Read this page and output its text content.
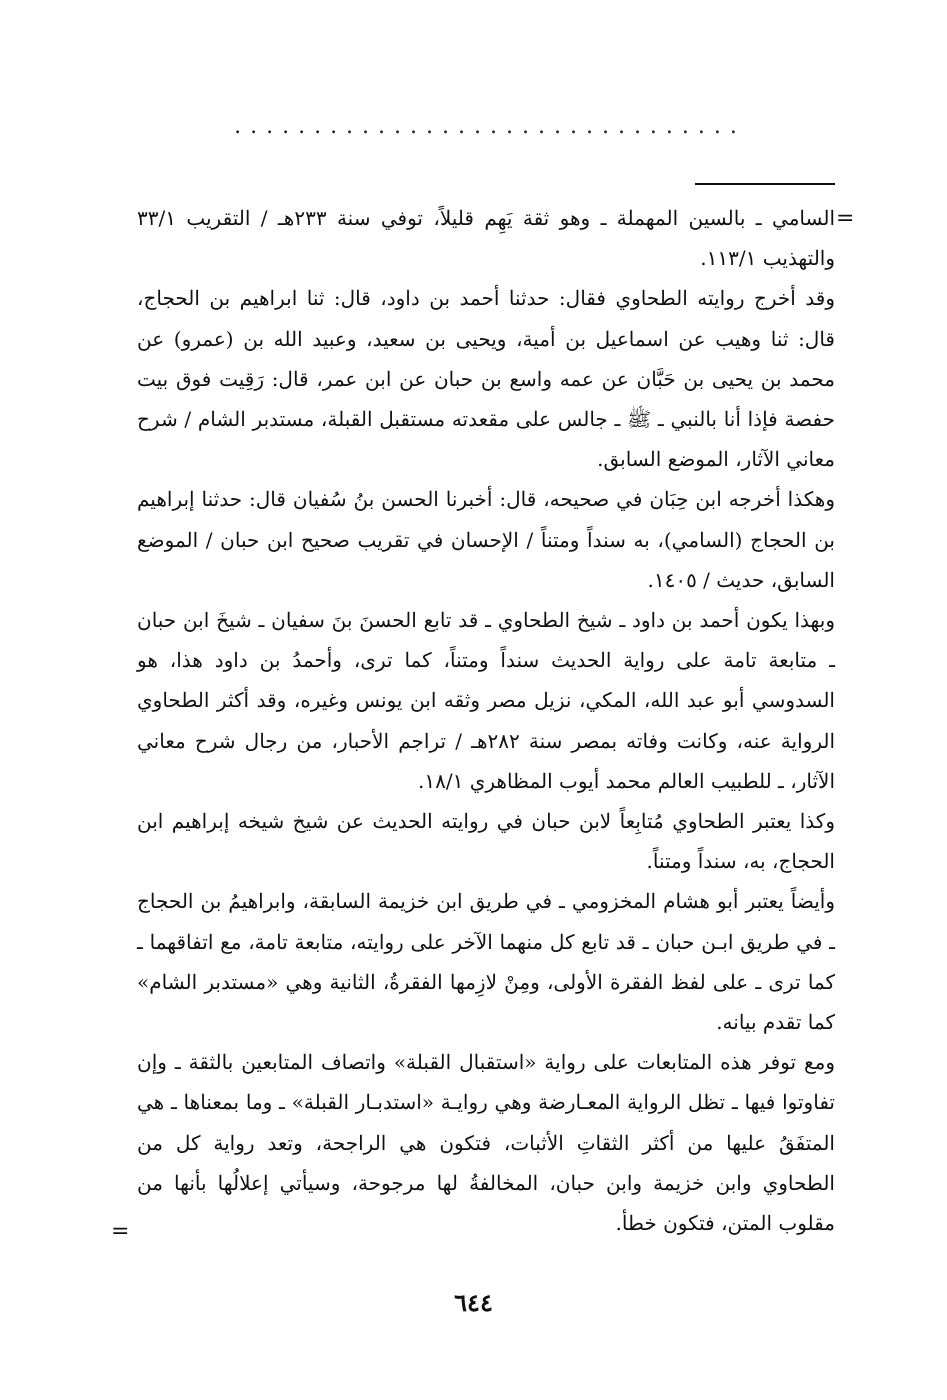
................................
=

السامي ـ بالسين المهملة ـ وهو ثقة يَهِم قليلاً، توفي سنة ٢٣٣هـ / التقريب ٣٣/١ والتهذيب ١١٣/١.

وقد أخرج روايته الطحاوي فقال: حدثنا أحمد بن داود، قال: ثنا ابراهيم بن الحجاج، قال: ثنا وهيب عن اسماعيل بن أمية، ويحيى بن سعيد، وعبيد الله بن (عمرو) عن محمد بن يحيى بن حَبَّان عن عمه واسع بن حبان عن ابن عمر، قال: رَقِيت فوق بيت حفصة فإذا أنا بالنبي ـ ﷺ ـ جالس على مقعدته مستقبل القبلة، مستدبر الشام / شرح معاني الآثار، الموضع السابق.

وهكذا أخرجه ابن حِبَان في صحيحه، قال: أخبرنا الحسن بنُ سُفيان قال: حدثنا إبراهيم بن الحجاج (السامي)، به سنداً ومتناً / الإحسان في تقريب صحيح ابن حبان / الموضع السابق، حديث / ١٤٠٥.

وبهذا يكون أحمد بن داود ـ شيخ الطحاوي ـ قد تابع الحسنَ بنَ سفيان ـ شيخَ ابن حبان ـ متابعة تامة على رواية الحديث سنداً ومتناً، كما ترى، وأحمدُ بن داود هذا، هو السدوسي أبو عبد الله، المكي، نزيل مصر وثقه ابن يونس وغيره، وقد أكثر الطحاوي الرواية عنه، وكانت وفاته بمصر سنة ٢٨٢هـ / تراجم الأحبار، من رجال شرح معاني الآثار، ـ للطبيب العالم محمد أيوب المظاهري ١٨/١.

وكذا يعتبر الطحاوي مُتابِعاً لابن حبان في روايته الحديث عن شيخ شيخه إبراهيم ابن الحجاج، به، سنداً ومتناً.

وأيضاً يعتبر أبو هشام المخزومي ـ في طريق ابن خزيمة السابقة، وابراهيمُ بن الحجاج ـ في طريق ابـن حبان ـ قد تابع كل منهما الآخر على روايته، متابعة تامة، مع اتفاقهما ـ كما ترى ـ على لفظ الفقرة الأولى، ومِنْ لازِمها الفقرةُ، الثانية وهي «مستدبر الشام» كما تقدم بيانه.

ومع توفر هذه المتابعات على رواية «استقبال القبلة» واتصاف المتابعين بالثقة ـ وإن تفاوتوا فيها ـ تظل الرواية المعـارضة وهي روايـة «استدبـار القبلة» ـ وما بمعناها ـ هي المتفَقُ عليها من أكثر الثقاتِ الأثبات، فتكون هي الراجحة، وتعد رواية كل من الطحاوي وابن خزيمة وابن حبان، المخالفةُ لها مرجوحة، وسيأتي إعلالُها بأنها من مقلوب المتن، فتكون خطأ.

=
٦٤٤
